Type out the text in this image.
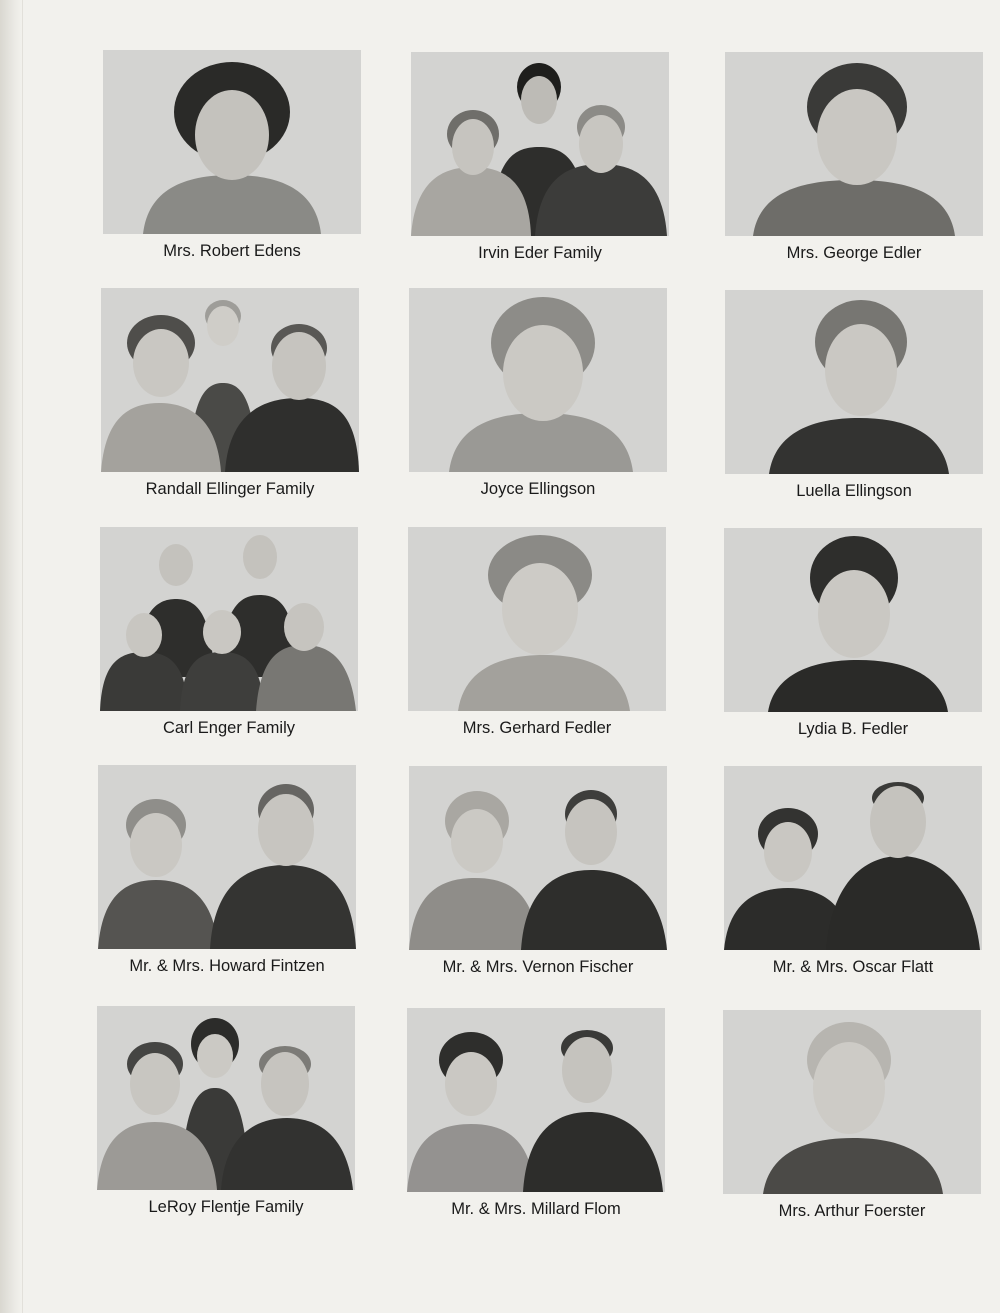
Mrs. Robert Edens	Irvin Eder Family	Mrs. George Edler
Randall Ellinger Family	Joyce Ellingson	Luella Ellingson
Carl Enger Family	Mrs. Gerhard Fedler	Lydia B. Fedler
Mr. & Mrs. Howard Fintzen	Mr. & Mrs. Vernon Fischer	Mr. & Mrs. Oscar Flatt
LeRoy Flentje Family	Mr. & Mrs. Millard Flom	Mrs. Arthur Foerster
